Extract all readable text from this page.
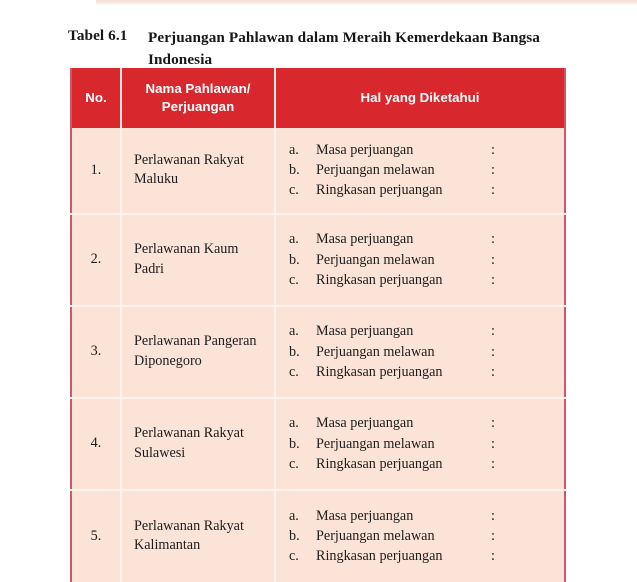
Tabel 6.1	Perjuangan Pahlawan dalam Meraih Kemerdekaan Bangsa Indonesia
No.	Nama Pahlawan/ Perjuangan	Hal yang Diketahui
1.	Perlawanan Rakyat Maluku	
a.	Masa perjuangan	:
b.	Perjuangan melawan	:
c.	Ringkasan perjuangan	:

2.	Perlawanan Kaum Padri	
a.	Masa perjuangan	:
b.	Perjuangan melawan	:
c.	Ringkasan perjuangan	:

3.	Perlawanan Pangeran Diponegoro	
a.	Masa perjuangan	:
b.	Perjuangan melawan	:
c.	Ringkasan perjuangan	:

4.	Perlawanan Rakyat Sulawesi	
a.	Masa perjuangan	:
b.	Perjuangan melawan	:
c.	Ringkasan perjuangan	:

5.	Perlawanan Rakyat Kalimantan	
a.	Masa perjuangan	:
b.	Perjuangan melawan	:
c.	Ringkasan perjuangan	:
